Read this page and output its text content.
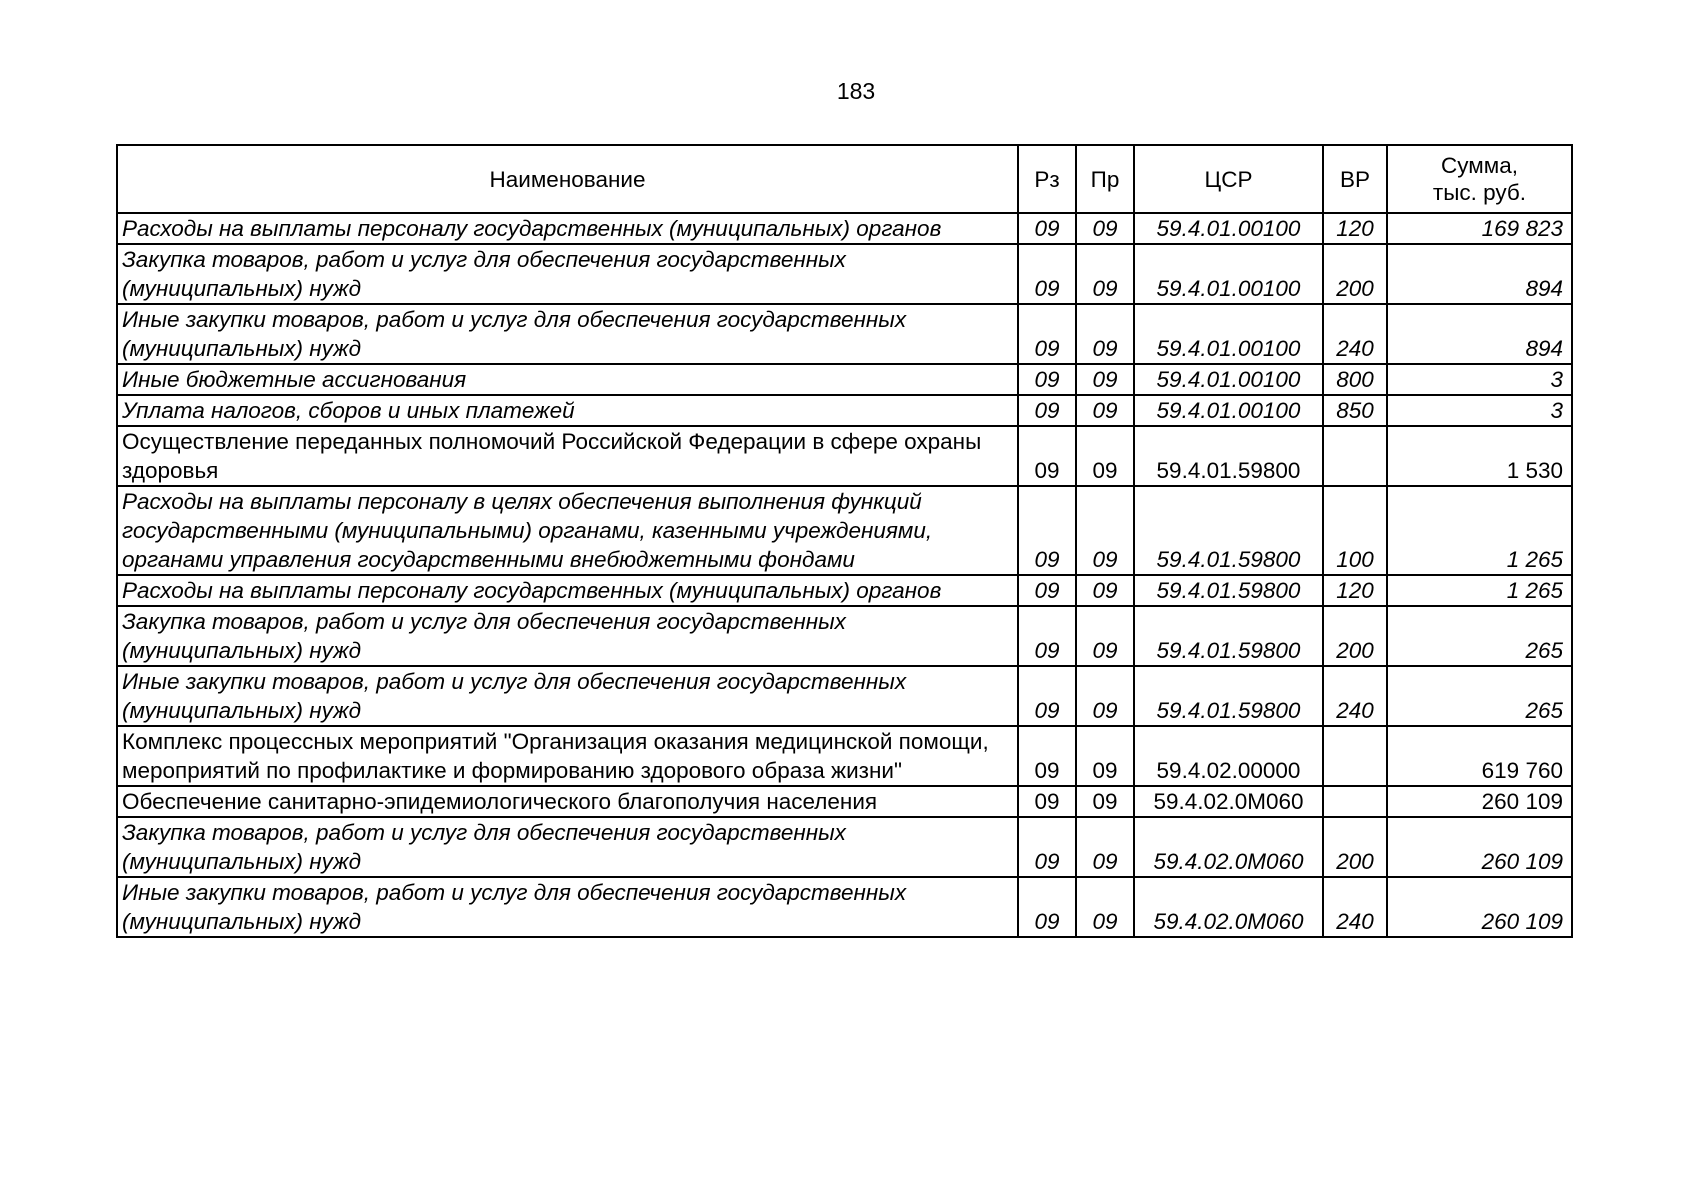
183
Наименование	Рз	Пр	ЦСР	ВР	Сумма,
тыс. руб.

Расходы на выплаты персоналу государственных (муниципальных) органов	09	09	59.4.01.00100	120	169 823
Закупка товаров, работ и услуг для обеспечения государственных (муниципальных) нужд	09	09	59.4.01.00100	200	894
Иные закупки товаров, работ и услуг для обеспечения государственных (муниципальных) нужд	09	09	59.4.01.00100	240	894
Иные бюджетные ассигнования	09	09	59.4.01.00100	800	3
Уплата налогов, сборов и иных платежей	09	09	59.4.01.00100	850	3
Осуществление переданных полномочий Российской Федерации в сфере охраны здоровья	09	09	59.4.01.59800		1 530
Расходы на выплаты персоналу в целях обеспечения выполнения функций государственными (муниципальными) органами, казенными учреждениями, органами управления государственными внебюджетными фондами	09	09	59.4.01.59800	100	1 265
Расходы на выплаты персоналу государственных (муниципальных) органов	09	09	59.4.01.59800	120	1 265
Закупка товаров, работ и услуг для обеспечения государственных (муниципальных) нужд	09	09	59.4.01.59800	200	265
Иные закупки товаров, работ и услуг для обеспечения государственных (муниципальных) нужд	09	09	59.4.01.59800	240	265
Комплекс процессных мероприятий "Организация оказания медицинской помощи, мероприятий по профилактике и формированию здорового образа жизни"	09	09	59.4.02.00000		619 760
Обеспечение санитарно-эпидемиологического благополучия населения	09	09	59.4.02.0М060		260 109
Закупка товаров, работ и услуг для обеспечения государственных (муниципальных) нужд	09	09	59.4.02.0М060	200	260 109
Иные закупки товаров, работ и услуг для обеспечения государственных (муниципальных) нужд	09	09	59.4.02.0М060	240	260 109
